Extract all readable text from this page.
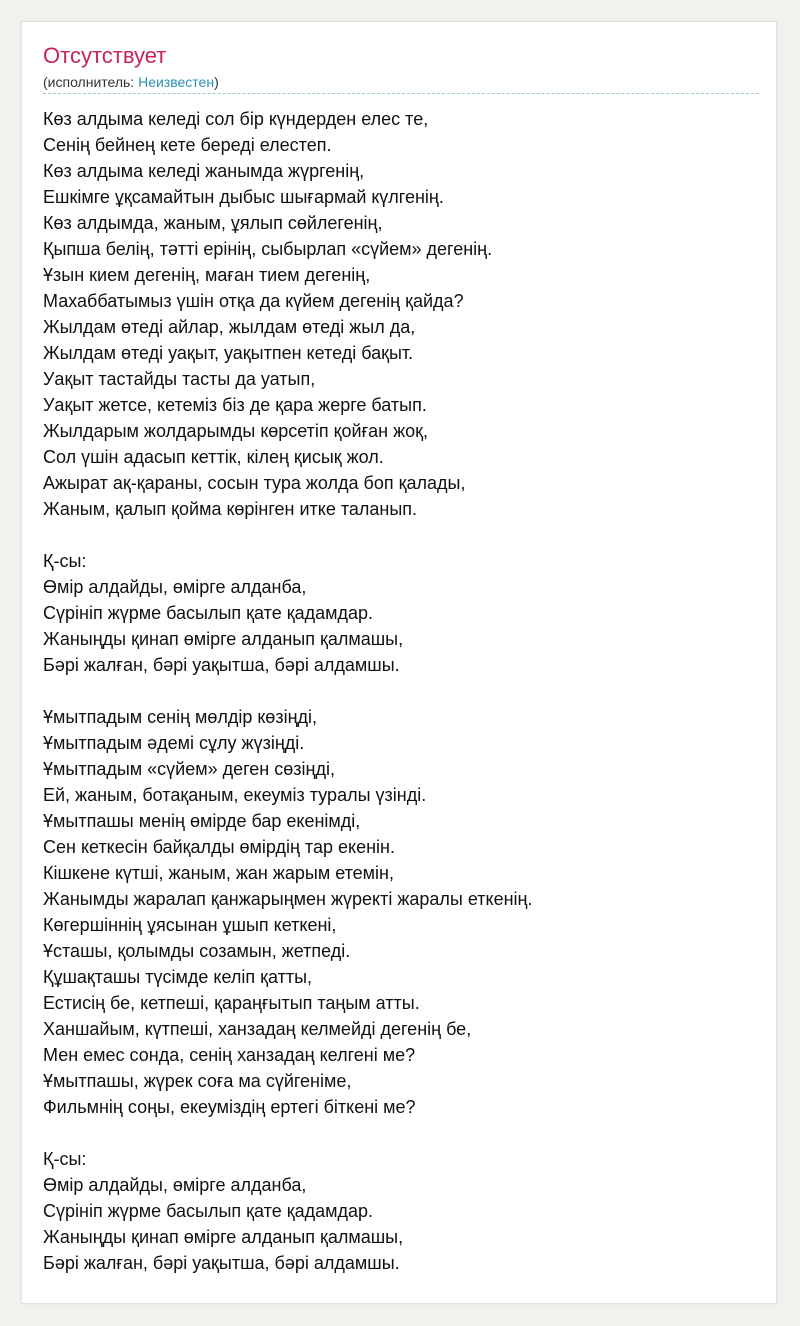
Отсутствует
(исполнитель: Неизвестен)
Көз алдыма келеді сол бір күндерден елес те,
Сенің бейнең кете береді елестеп.
Көз алдыма келеді жанымда жүргенің,
Ешкімге ұқсамайтын дыбыс шығармай күлгенің.
Көз алдымда, жаным, ұялып сөйлегенің,
Қыпша белің, тәтті ерінің, сыбырлап «сүйем» дегенің.
Ұзын кием дегенің, маған тием дегенің,
Махаббатымыз үшін отқа да күйем дегенің қайда?
Жылдам өтеді айлар, жылдам өтеді жыл да,
Жылдам өтеді уақыт, уақытпен кетеді бақыт.
Уақыт тастайды тасты да уатып,
Уақыт жетсе, кетеміз біз де қара жерге батып.
Жылдарым жолдарымды көрсетіп қойған жоқ,
Сол үшін адасып кеттік, кілең қисық жол.
Ажырат ақ-қараны, сосын тура жолда боп қалады,
Жаным, қалып қойма көрінген итке таланып.
Қ-сы:
Өмір алдайды, өмірге алданба,
Сүрініп жүрме басылып қате қадамдар.
Жаныңды қинап өмірге алданып қалмашы,
Бәрі жалған, бәрі уақытша, бәрі алдамшы.
Ұмытпадым сенің мөлдір көзіңді,
Ұмытпадым әдемі сұлу жүзіңді.
Ұмытпадым «сүйем» деген сөзіңді,
Ей, жаным, ботақаным, екеуміз туралы үзінді.
Ұмытпашы менің өмірде бар екенімді,
Сен кеткесін байқалды өмірдің тар екенін.
Кішкене күтші, жаным, жан жарым етемін,
Жанымды жаралап қанжарыңмен жүректі жаралы еткенің.
Көгершіннің ұясынан ұшып кеткені,
Ұсташы, қолымды созамын, жетпеді.
Құшақташы түсімде келіп қатты,
Естисің бе, кетпеші, қараңғытып таңым атты.
Ханшайым, күтпеші, ханзадаң келмейді дегенің бе,
Мен емес сонда, сенің ханзадаң келгені ме?
Ұмытпашы, жүрек соға ма сүйгеніме,
Фильмнің соңы, екеуміздің ертегі біткені ме?
Қ-сы:
Өмір алдайды, өмірге алданба,
Сүрініп жүрме басылып қате қадамдар.
Жаныңды қинап өмірге алданып қалмашы,
Бәрі жалған, бәрі уақытша, бәрі алдамшы.
